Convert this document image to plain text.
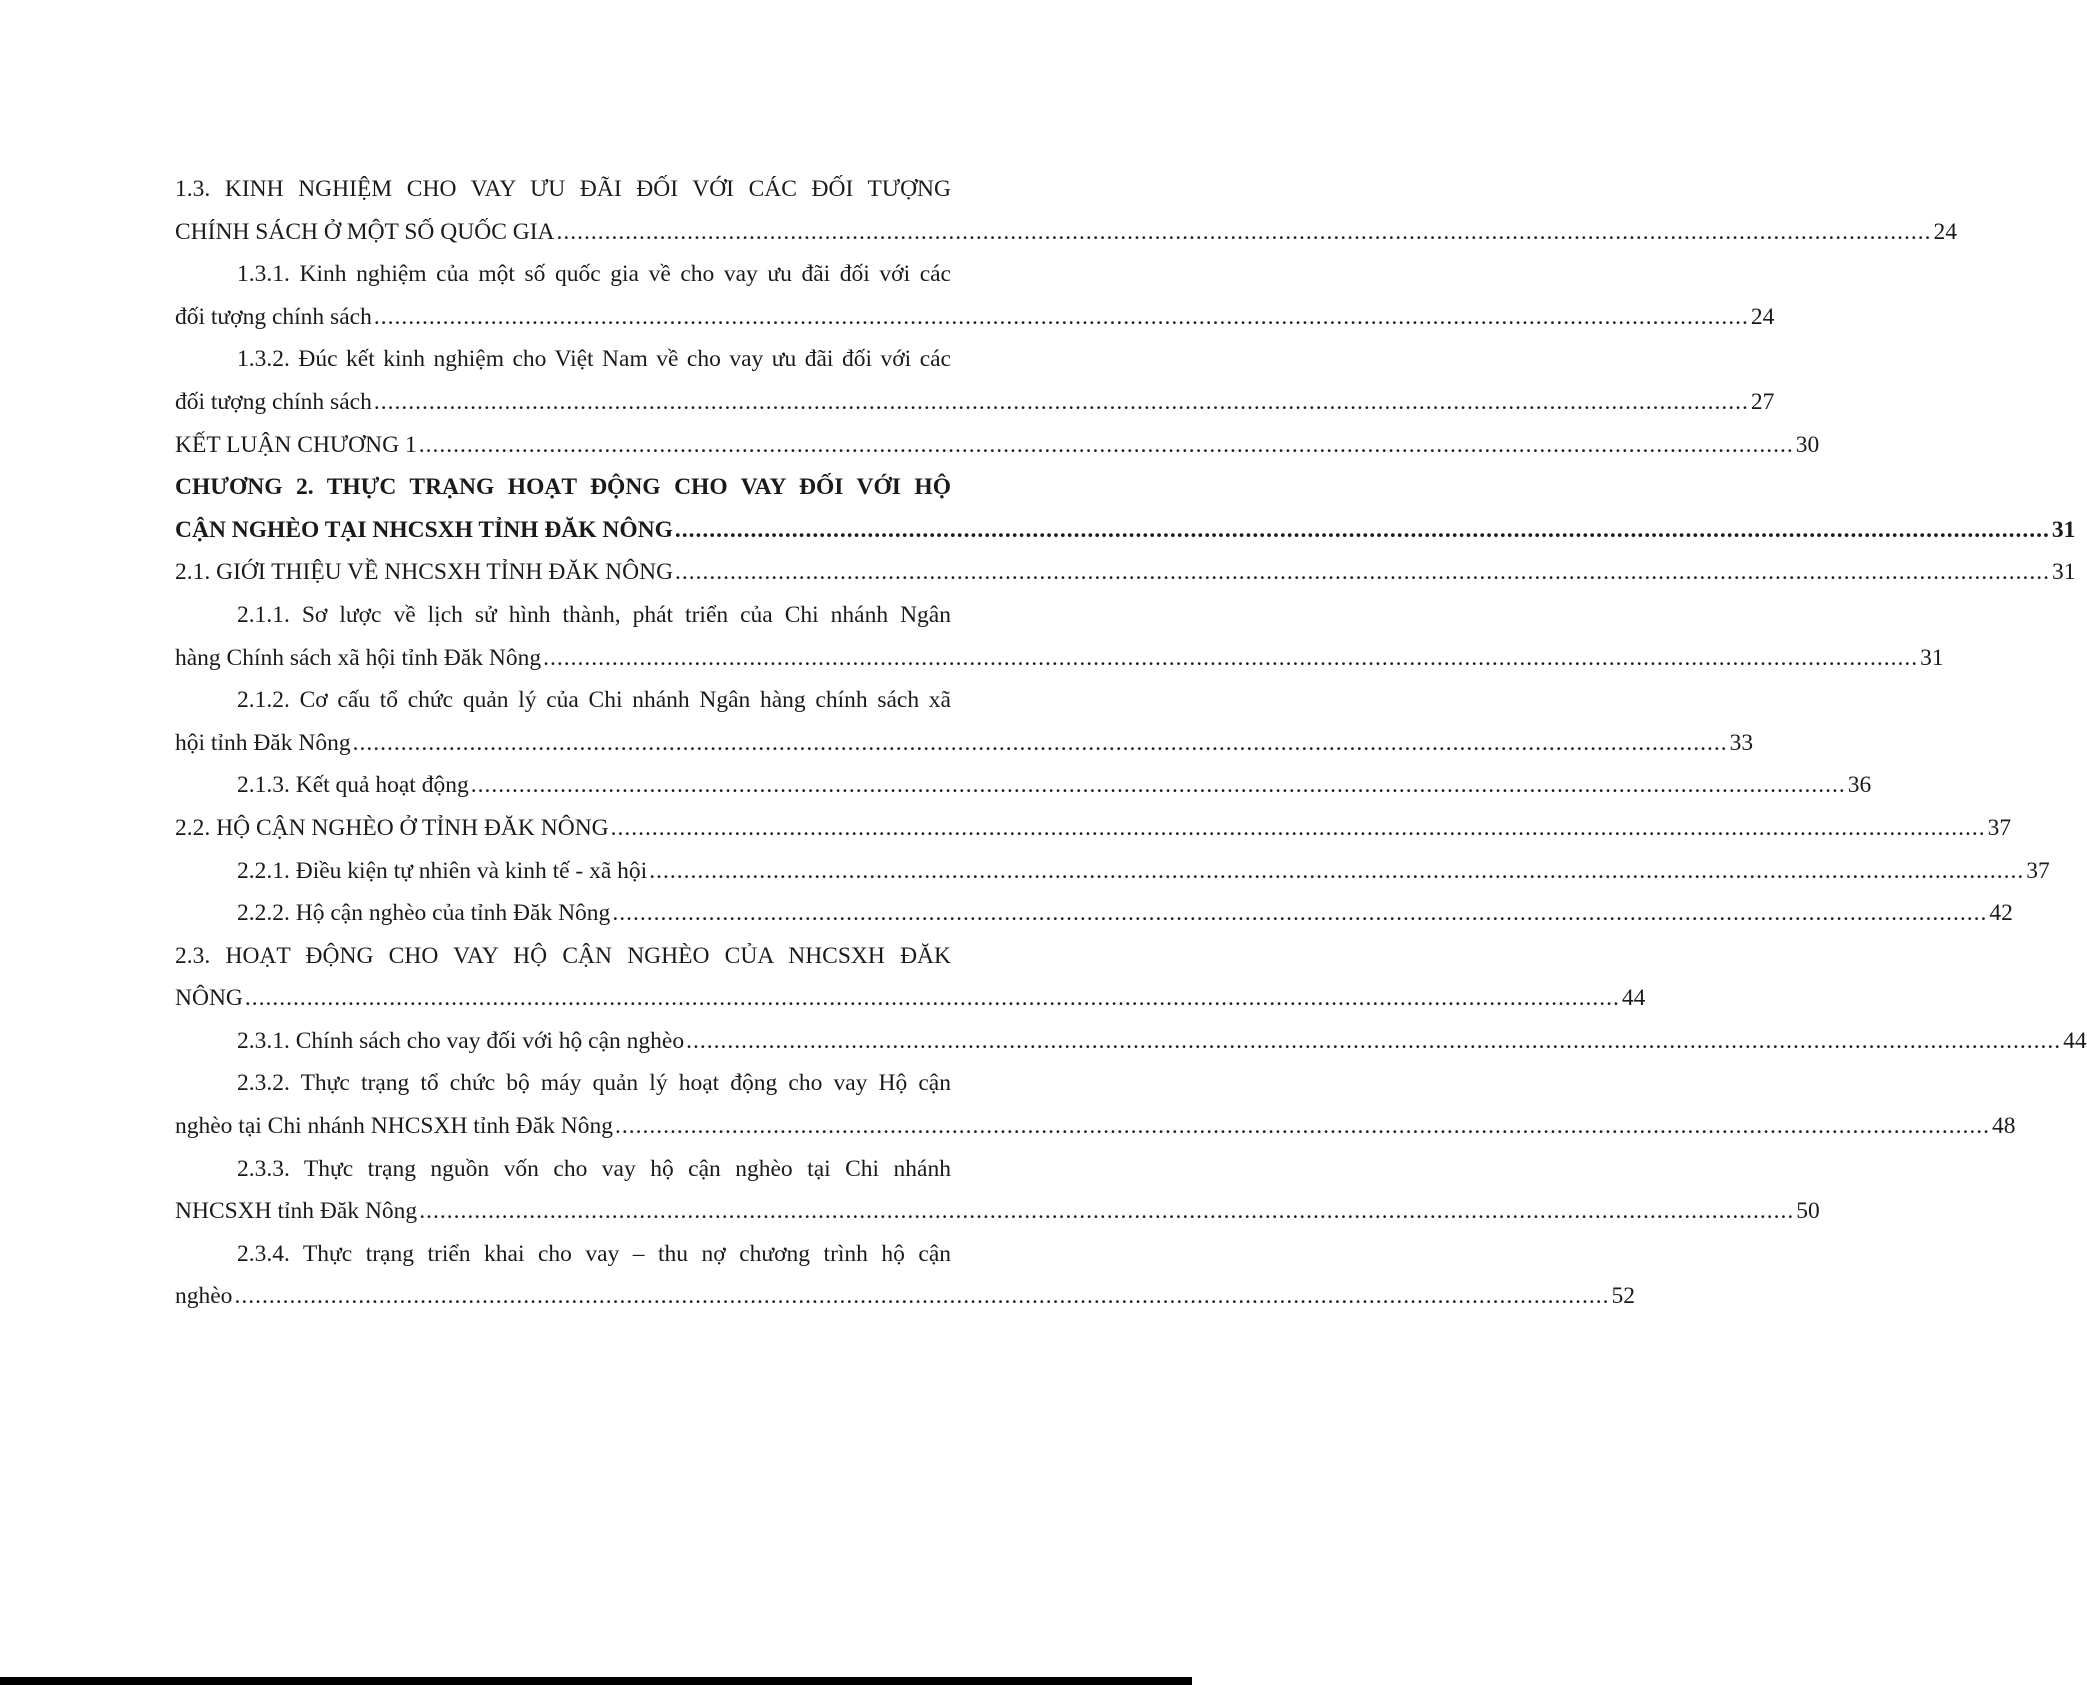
1.3. KINH NGHIỆM CHO VAY ƯU ĐÃI ĐỐI VỚI CÁC ĐỐI TƯỢNG
CHÍNH SÁCH Ở MỘT SỐ QUỐC GIA ........................................................................................................................................................................................................ 24
1.3.1. Kinh nghiệm của một số quốc gia về cho vay ưu đãi đối với các
đối tượng chính sách ........................................................................................................................................................................................................ 24
1.3.2. Đúc kết kinh nghiệm cho Việt Nam về cho vay ưu đãi đối với các
đối tượng chính sách ........................................................................................................................................................................................................ 27
KẾT LUẬN CHƯƠNG 1 ........................................................................................................................................................................................................ 30
CHƯƠNG 2. THỰC TRẠNG HOẠT ĐỘNG CHO VAY ĐỐI VỚI HỘ
CẬN NGHÈO TẠI NHCSXH TỈNH ĐĂK NÔNG ........................................................................................................................................................................................................ 31
2.1. GIỚI THIỆU VỀ NHCSXH TỈNH ĐĂK NÔNG ........................................................................................................................................................................................................ 31
2.1.1. Sơ lược về lịch sử hình thành, phát triển của Chi nhánh Ngân
hàng Chính sách xã hội tỉnh Đăk Nông ........................................................................................................................................................................................................ 31
2.1.2. Cơ cấu tổ chức quản lý của Chi nhánh Ngân hàng chính sách xã
hội tỉnh Đăk Nông ........................................................................................................................................................................................................ 33
2.1.3. Kết quả hoạt động ........................................................................................................................................................................................................ 36
2.2. HỘ CẬN NGHÈO Ở TỈNH ĐĂK NÔNG ........................................................................................................................................................................................................ 37
2.2.1. Điều kiện tự nhiên và kinh tế - xã hội ........................................................................................................................................................................................................ 37
2.2.2. Hộ cận nghèo của tỉnh Đăk Nông ........................................................................................................................................................................................................ 42
2.3. HOẠT ĐỘNG CHO VAY HỘ CẬN NGHÈO CỦA NHCSXH ĐĂK
NÔNG ........................................................................................................................................................................................................ 44
2.3.1. Chính sách cho vay đối với hộ cận nghèo ........................................................................................................................................................................................................ 44
2.3.2. Thực trạng tổ chức bộ máy quản lý hoạt động cho vay Hộ cận
nghèo tại Chi nhánh NHCSXH tỉnh Đăk Nông ........................................................................................................................................................................................................ 48
2.3.3. Thực trạng nguồn vốn cho vay hộ cận nghèo tại Chi nhánh
NHCSXH tỉnh Đăk Nông ........................................................................................................................................................................................................ 50
2.3.4. Thực trạng triển khai cho vay – thu nợ chương trình hộ cận
nghèo ........................................................................................................................................................................................................ 52
